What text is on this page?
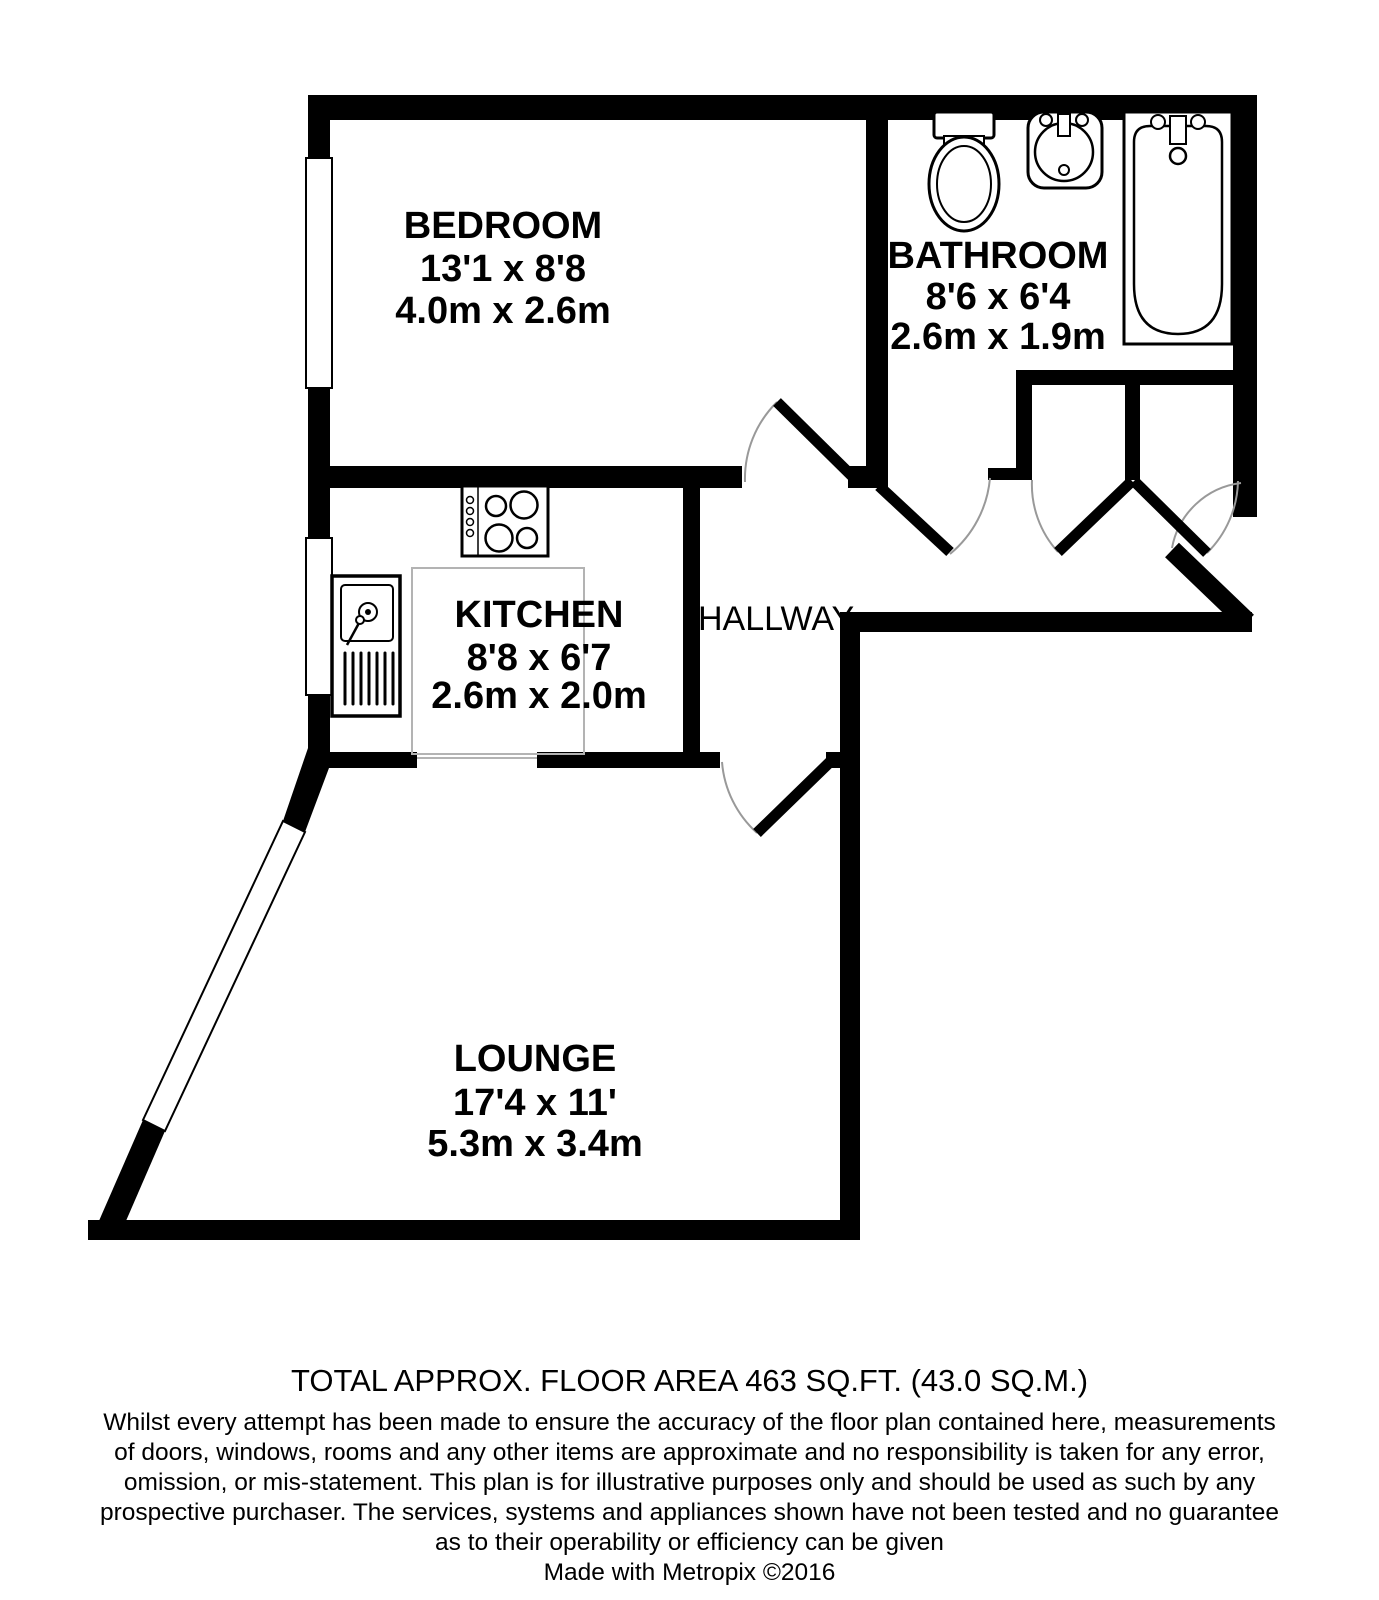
BEDROOM
13'1 x 8'8
4.0m x 2.6m
BATHROOM
8'6 x 6'4
2.6m x 1.9m
KITCHEN
8'8 x 6'7
2.6m x 2.0m
HALLWAY
LOUNGE
17'4 x 11'
5.3m x 3.4m
TOTAL APPROX. FLOOR AREA 463 SQ.FT. (43.0 SQ.M.)
Whilst every attempt has been made to ensure the accuracy of the floor plan contained here, measurements
of doors, windows, rooms and any other items are approximate and no responsibility is taken for any error,
omission, or mis-statement. This plan is for illustrative purposes only and should be used as such by any
prospective purchaser. The services, systems and appliances shown have not been tested and no guarantee
as to their operability or efficiency can be given
Made with Metropix ©2016
